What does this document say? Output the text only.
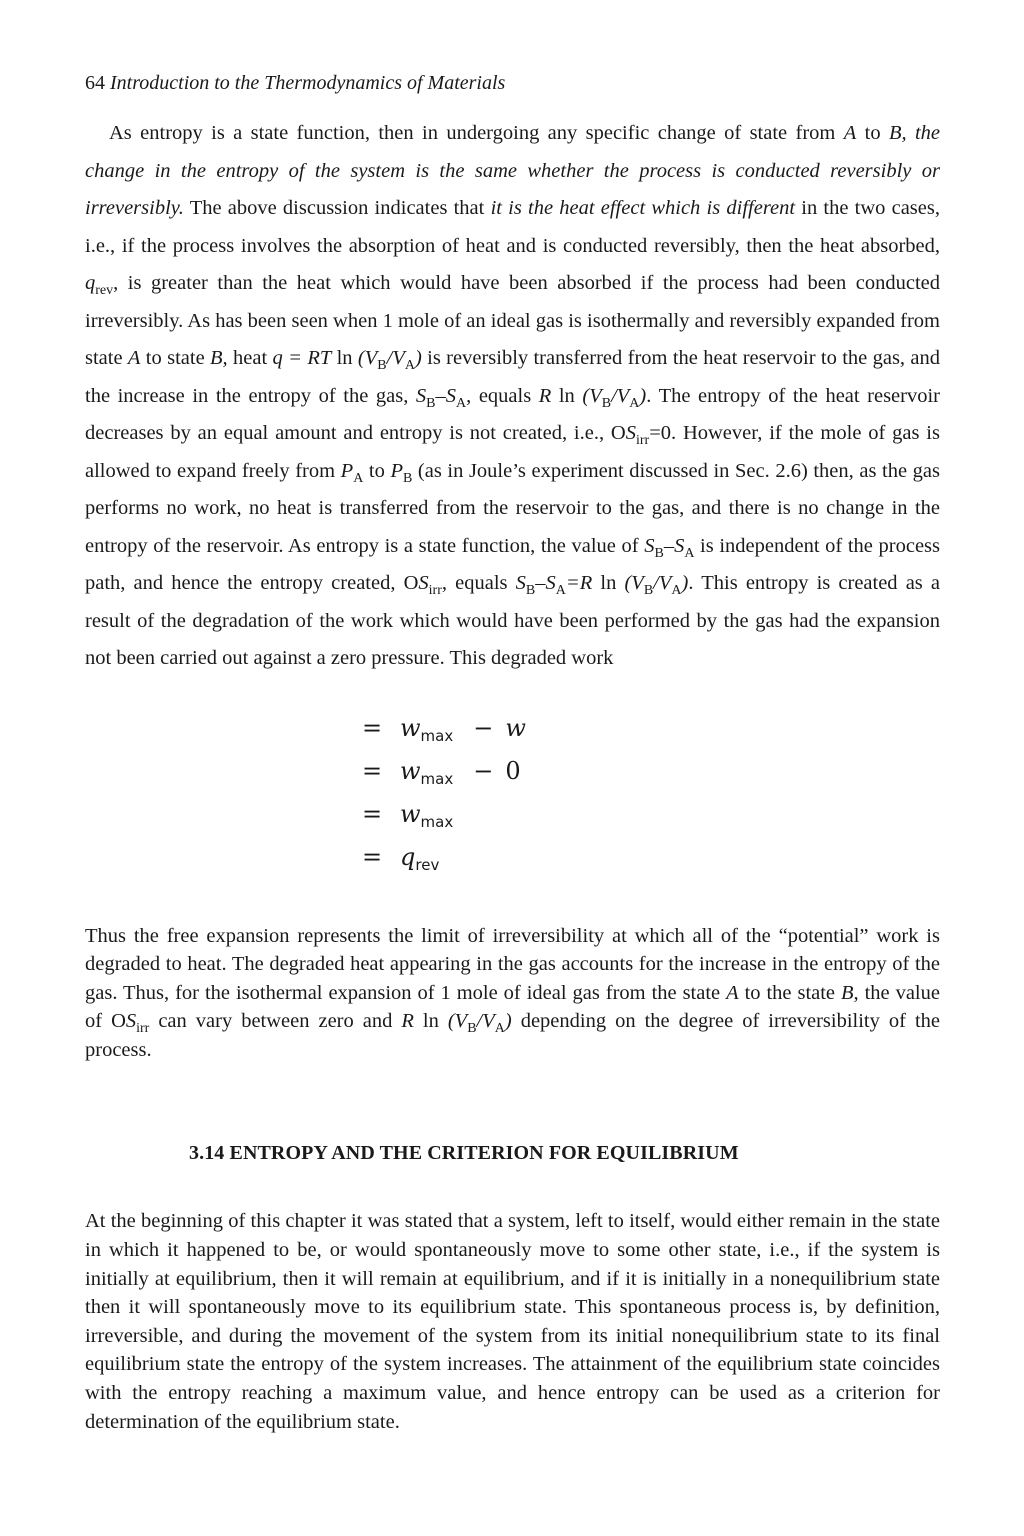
64 Introduction to the Thermodynamics of Materials

As entropy is a state function, then in undergoing any specific change of state from A to B, the change in the entropy of the system is the same whether the process is conducted reversibly or irreversibly. The above discussion indicates that it is the heat effect which is different in the two cases, i.e., if the process involves the absorption of heat and is conducted reversibly, then the heat absorbed, $q_{rev}$, is greater than the heat which would have been absorbed if the process had been conducted irreversibly. As has been seen when 1 mole of an ideal gas is isothermally and reversibly expanded from state A to state B, heat q = RT $\ln (V_B/V_A)$ is reversibly transferred from the heat reservoir to the gas, and the increase in the entropy of the gas, $S_B-S_A$, equals R $\ln (V_B/V_A)$. The entropy of the heat reservoir decreases by an equal amount and entropy is not created, i.e., $OS_{irr}=0$. However, if the mole of gas is allowed to expand freely from $P_A$ to $P_B$ (as in Joule’s experiment discussed in Sec. 2.6) then, as the gas performs no work, no heat is transferred from the reservoir to the gas, and there is no change in the entropy of the reservoir. As entropy is a state function, the value of $S_B-S_A$ is independent of the process path, and hence the entropy created, $OS_{irr}$, equals $S_B-S_A=R$ $\ln (V_B/V_A)$. This entropy is created as a result of the degradation of the work which would have been performed by the gas had the expansion not been carried out against a zero pressure. This degraded work

= $w_{max} - w$
= $w_{max} - 0$
= $w_{max}$
= $q_{rev}$

Thus the free expansion represents the limit of irreversibility at which all of the “potential” work is degraded to heat. The degraded heat appearing in the gas accounts for the increase in the entropy of the gas. Thus, for the isothermal expansion of 1 mole of ideal gas from the state A to the state B, the value of $OS_{irr}$ can vary between zero and R $\ln (V_B/V_A)$ depending on the degree of irreversibility of the process.

3.14 ENTROPY AND THE CRITERION FOR EQUILIBRIUM

At the beginning of this chapter it was stated that a system, left to itself, would either remain in the state in which it happened to be, or would spontaneously move to some other state, i.e., if the system is initially at equilibrium, then it will remain at equilibrium, and if it is initially in a nonequilibrium state then it will spontaneously move to its equilibrium state. This spontaneous process is, by definition, irreversible, and during the movement of the system from its initial nonequilibrium state to its final equilibrium state the entropy of the system increases. The attainment of the equilibrium state coincides with the entropy reaching a maximum value, and hence entropy can be used as a criterion for determination of the equilibrium state.
